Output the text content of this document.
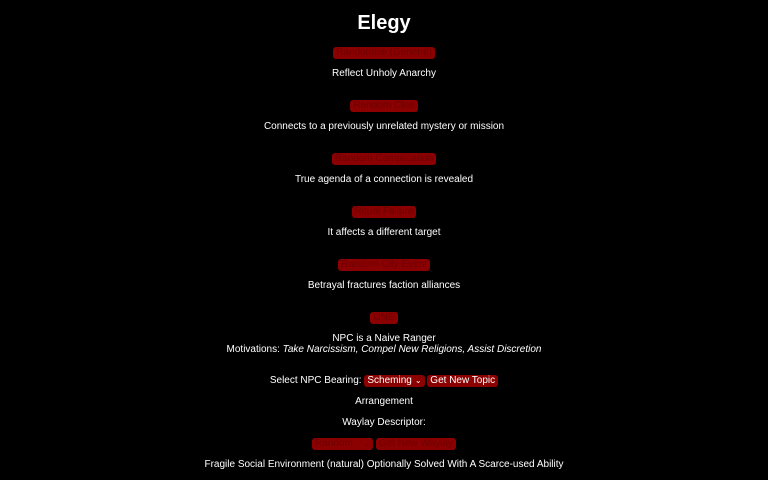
Elegy
Randomize (General)
Reflect Unholy Anarchy
Random Clue
Connects to a previously unrelated mystery or mission
Random Complication
True agenda of a connection is revealed
Ritual Failure
It affects a different target
Random City Event
Betrayal fractures faction alliances
UNE
NPC is a Naive Ranger
Motivations: Take Narcissism, Compel New Religions, Assist Discretion
Select NPC Bearing: Scheming ⌄ Get New Topic
Arrangement
Waylay Descriptor:
Random ⌄ Get New Waylay
Fragile Social Environment (natural) Optionally Solved With A Scarce-used Ability
